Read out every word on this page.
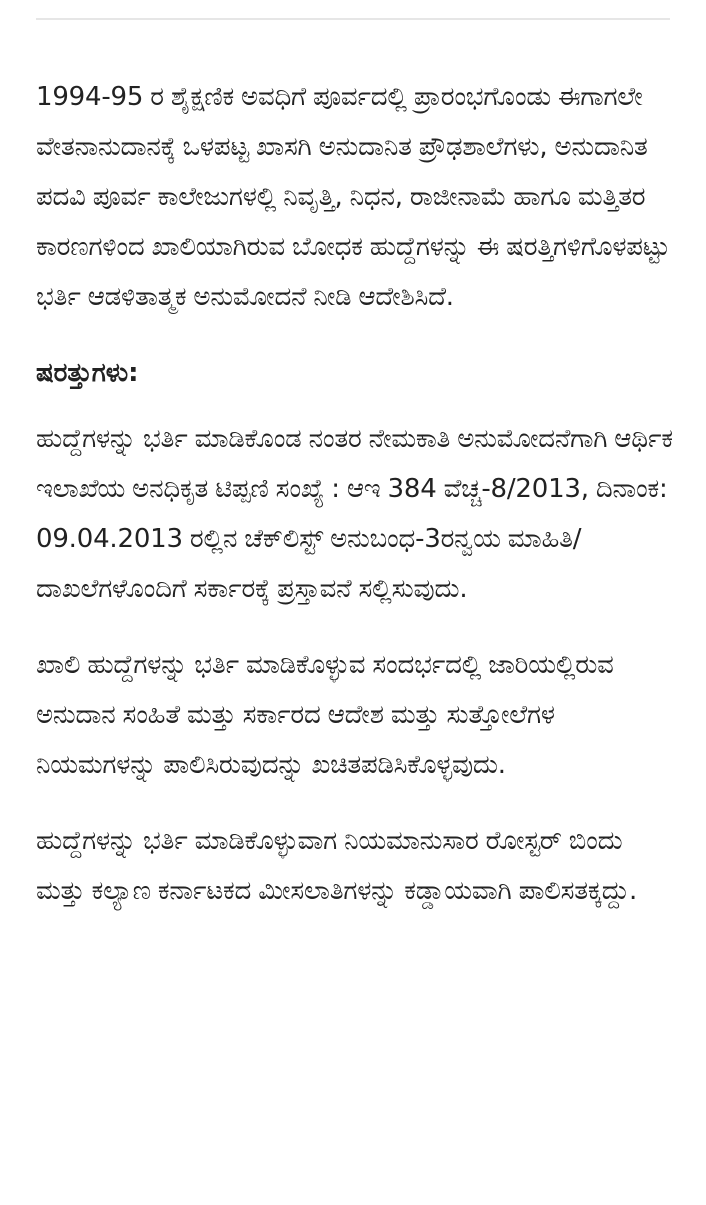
1994-95 ರ ಶೈಕ್ಷಣಿಕ ಅವಧಿಗೆ ಪೂರ್ವದಲ್ಲಿ ಪ್ರಾರಂಭಗೊಂಡು ಈಗಾಗಲೇ ವೇತನಾನುದಾನಕ್ಕೆ ಒಳಪಟ್ಟ ಖಾಸಗಿ ಅನುದಾನಿತ ಪ್ರೌಢಶಾಲೆಗಳು, ಅನುದಾನಿತ ಪದವಿ ಪೂರ್ವ ಕಾಲೇಜುಗಳಲ್ಲಿ ನಿವೃತ್ತಿ, ನಿಧನ, ರಾಜೀನಾಮೆ ಹಾಗೂ ಮತ್ತಿತರ ಕಾರಣಗಳಿಂದ ಖಾಲಿಯಾಗಿರುವ ಬೋಧಕ ಹುದ್ದೆಗಳನ್ನು ಈ ಷರತ್ತಿಗಳಿಗೊಳಪಟ್ಟು ಭರ್ತಿ ಆಡಳಿತಾತ್ಮಕ ಅನುಮೋದನೆ ನೀಡಿ ಆದೇಶಿಸಿದೆ.

ಷರತ್ತುಗಳು:

ಹುದ್ದೆಗಳನ್ನು ಭರ್ತಿ ಮಾಡಿಕೊಂಡ ನಂತರ ನೇಮಕಾತಿ ಅನುಮೋದನೆಗಾಗಿ ಆರ್ಥಿಕ ಇಲಾಖೆಯ ಅನಧಿಕೃತ ಟಿಪ್ಪಣಿ ಸಂಖ್ಯೆ : ಆಇ 384 ವೆಚ್ಚ-8/2013, ದಿನಾಂಕ: 09.04.2013 ರಲ್ಲಿನ ಚೆಕ್‌ಲಿಸ್ಟ್ ಅನುಬಂಧ-3ರನ್ವಯ ಮಾಹಿತಿ/ ದಾಖಲೆಗಳೊಂದಿಗೆ ಸರ್ಕಾರಕ್ಕೆ ಪ್ರಸ್ತಾವನೆ ಸಲ್ಲಿಸುವುದು.

ಖಾಲಿ ಹುದ್ದೆಗಳನ್ನು ಭರ್ತಿ ಮಾಡಿಕೊಳ್ಳುವ ಸಂದರ್ಭದಲ್ಲಿ ಜಾರಿಯಲ್ಲಿರುವ ಅನುದಾನ ಸಂಹಿತೆ ಮತ್ತು ಸರ್ಕಾರದ ಆದೇಶ ಮತ್ತು ಸುತ್ತೋಲೆಗಳ ನಿಯಮಗಳನ್ನು ಪಾಲಿಸಿರುವುದನ್ನು ಖಚಿತಪಡಿಸಿಕೊಳ್ಳವುದು.

ಹುದ್ದೆಗಳನ್ನು ಭರ್ತಿ ಮಾಡಿಕೊಳ್ಳುವಾಗ ನಿಯಮಾನುಸಾರ ರೋಸ್ಟರ್ ಬಿಂದು ಮತ್ತು ಕಲ್ಯಾಣ ಕರ್ನಾಟಕದ ಮೀಸಲಾತಿಗಳನ್ನು ಕಡ್ಡಾಯವಾಗಿ ಪಾಲಿಸತಕ್ಕದ್ದು.
